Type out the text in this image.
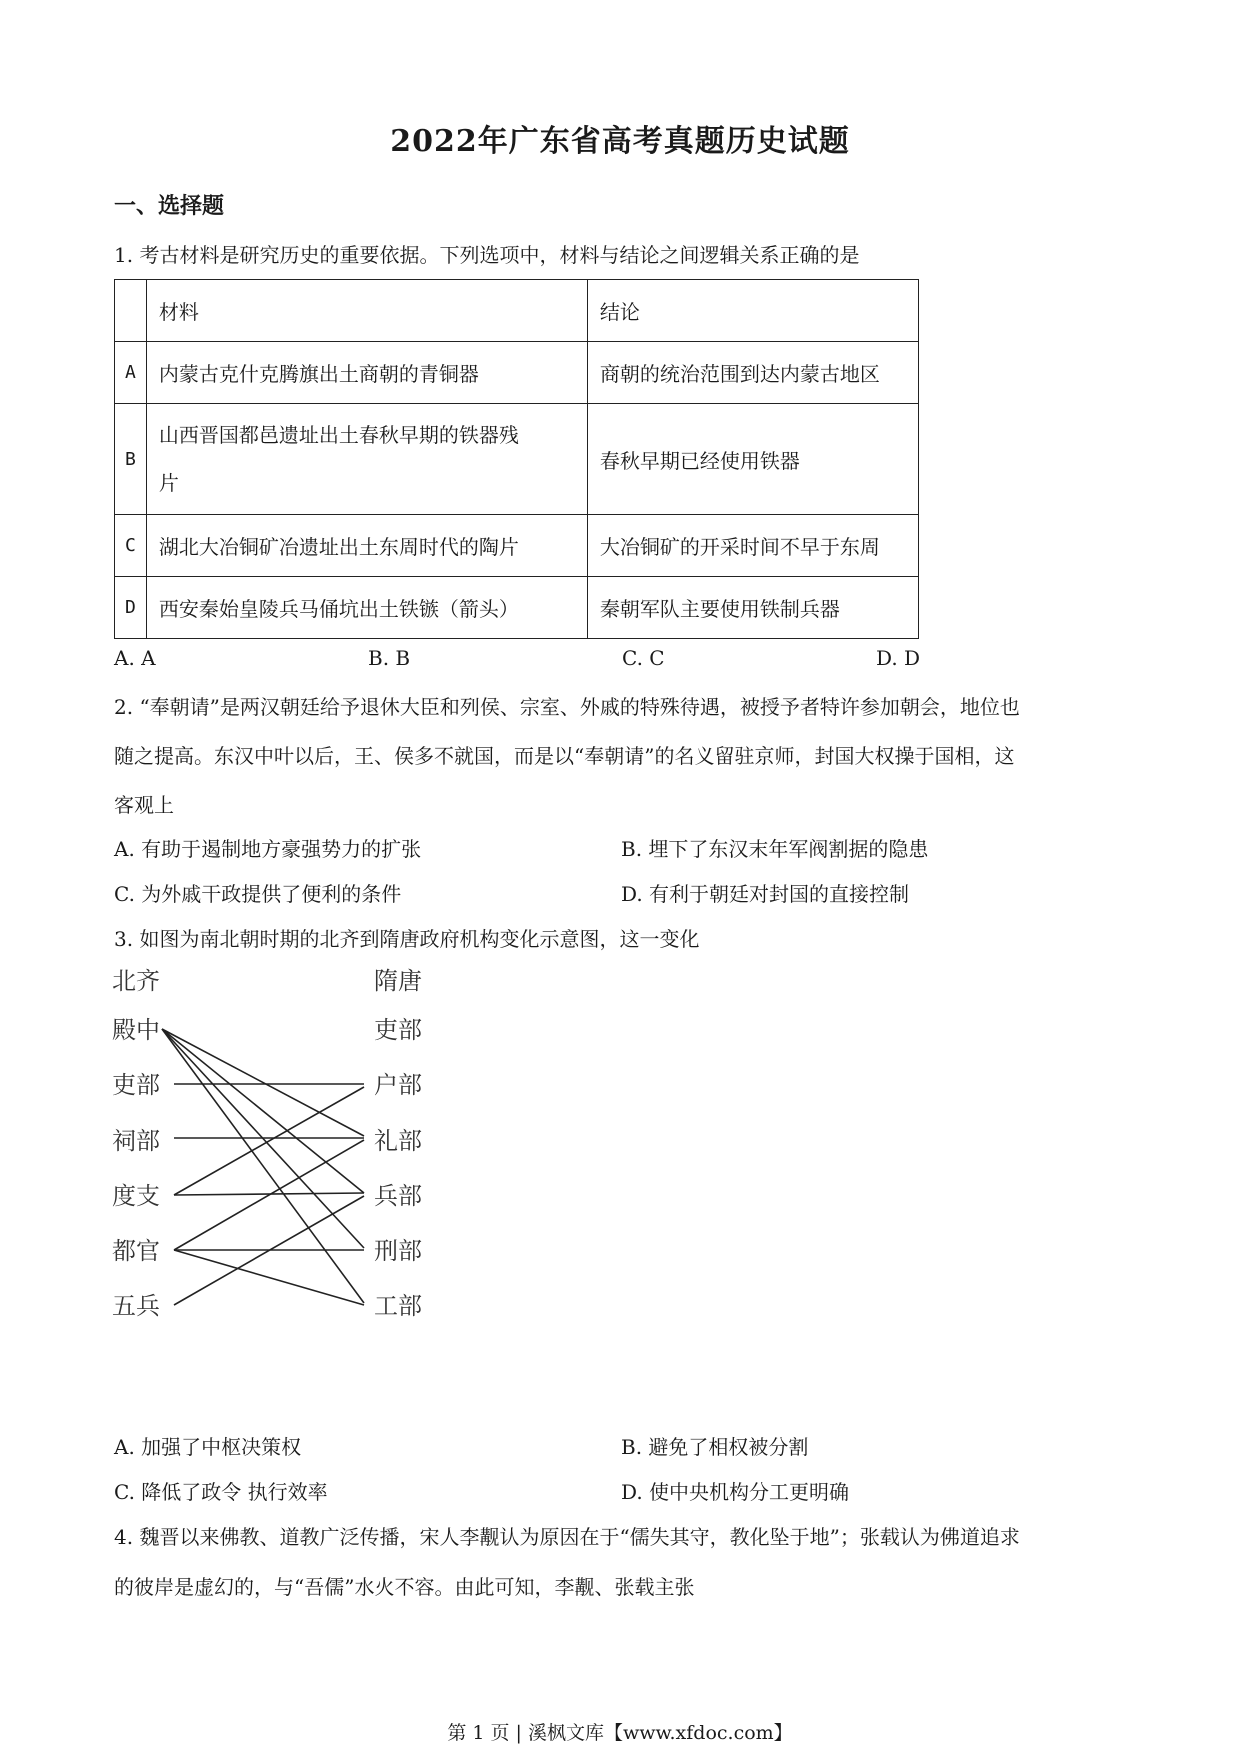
2022年广东省高考真题历史试题
一、选择题
1. 考古材料是研究历史的重要依据。下列选项中，材料与结论之间逻辑关系正确的是
	材料	结论
A	内蒙古克什克腾旗出土商朝的青铜器	商朝的统治范围到达内蒙古地区
B	山西晋国都邑遗址出土春秋早期的铁器残
片	春秋早期已经使用铁器
C	湖北大冶铜矿冶遗址出土东周时代的陶片	大冶铜矿的开采时间不早于东周
D	西安秦始皇陵兵马俑坑出土铁镞（箭头）	秦朝军队主要使用铁制兵器
A. A	B. B	C. C	D. D
2. “奉朝请”是两汉朝廷给予退休大臣和列侯、宗室、外戚的特殊待遇，被授予者特许参加朝会，地位也
随之提高。东汉中叶以后，王、侯多不就国，而是以“奉朝请”的名义留驻京师，封国大权操于国相，这
客观上
A. 有助于遏制地方豪强势力的扩张	B. 埋下了东汉末年军阀割据的隐患
C. 为外戚干政提供了便利的条件	D. 有利于朝廷对封国的直接控制
3. 如图为南北朝时期的北齐到隋唐政府机构变化示意图，这一变化
北齐	隋唐
殿中
吏部
祠部
度支
都官
五兵
吏部
户部
礼部
兵部
刑部
工部
A. 加强了中枢决策权	B. 避免了相权被分割
C. 降低了政令 执行效率	D. 使中央机构分工更明确
4. 魏晋以来佛教、道教广泛传播，宋人李觏认为原因在于“儒失其守，教化坠于地”；张载认为佛道追求
的彼岸是虚幻的，与“吾儒”水火不容。由此可知，李觏、张载主张
第 1 页 | 溪枫文库【www.xfdoc.com】
